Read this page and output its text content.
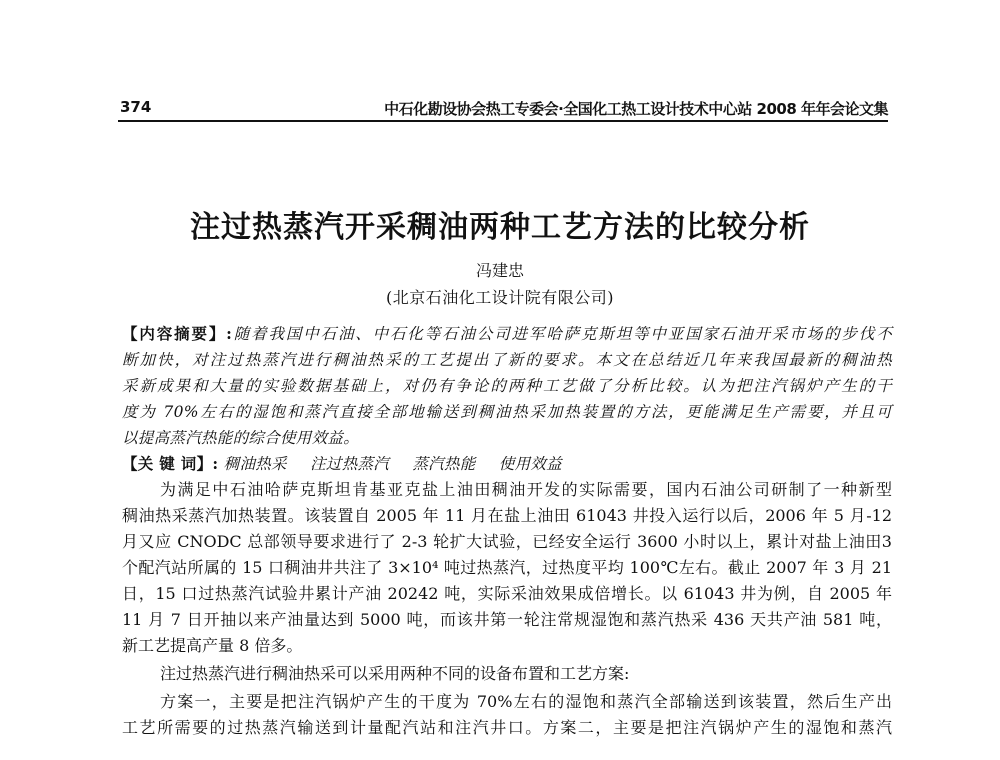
374	中石化勘设协会热工专委会·全国化工热工设计技术中心站 2008 年年会论文集
注过热蒸汽开采稠油两种工艺方法的比较分析
冯建忠
(北京石油化工设计院有限公司)
【内容摘要】:随着我国中石油、中石化等石油公司进军哈萨克斯坦等中亚国家石油开采市场的步伐不
断加快，对注过热蒸汽进行稠油热采的工艺提出了新的要求。本文在总结近几年来我国最新的稠油热
采新成果和大量的实验数据基础上，对仍有争论的两种工艺做了分析比较。认为把注汽锅炉产生的干
度为 70%左右的湿饱和蒸汽直接全部地输送到稠油热采加热装置的方法，更能满足生产需要，并且可
以提高蒸汽热能的综合使用效益。
【关 键 词】: 稠油热采 注过热蒸汽 蒸汽热能 使用效益
为满足中石油哈萨克斯坦肯基亚克盐上油田稠油开发的实际需要，国内石油公司研制了一种新型
稠油热采蒸汽加热装置。该装置自 2005 年 11 月在盐上油田 61043 井投入运行以后，2006 年 5 月-12
月又应 CNODC 总部领导要求进行了 2-3 轮扩大试验，已经安全运行 3600 小时以上，累计对盐上油田3
个配汽站所属的 15 口稠油井共注了 3×10⁴ 吨过热蒸汽，过热度平均 100℃左右。截止 2007 年 3 月 21
日，15 口过热蒸汽试验井累计产油 20242 吨，实际采油效果成倍增长。以 61043 井为例，自 2005 年
11 月 7 日开抽以来产油量达到 5000 吨，而该井第一轮注常规湿饱和蒸汽热采 436 天共产油 581 吨，
新工艺提高产量 8 倍多。
注过热蒸汽进行稠油热采可以采用两种不同的设备布置和工艺方案:
方案一，主要是把注汽锅炉产生的干度为 70%左右的湿饱和蒸汽全部输送到该装置，然后生产出
工艺所需要的过热蒸汽输送到计量配汽站和注汽井口。方案二，主要是把注汽锅炉产生的湿饱和蒸汽
